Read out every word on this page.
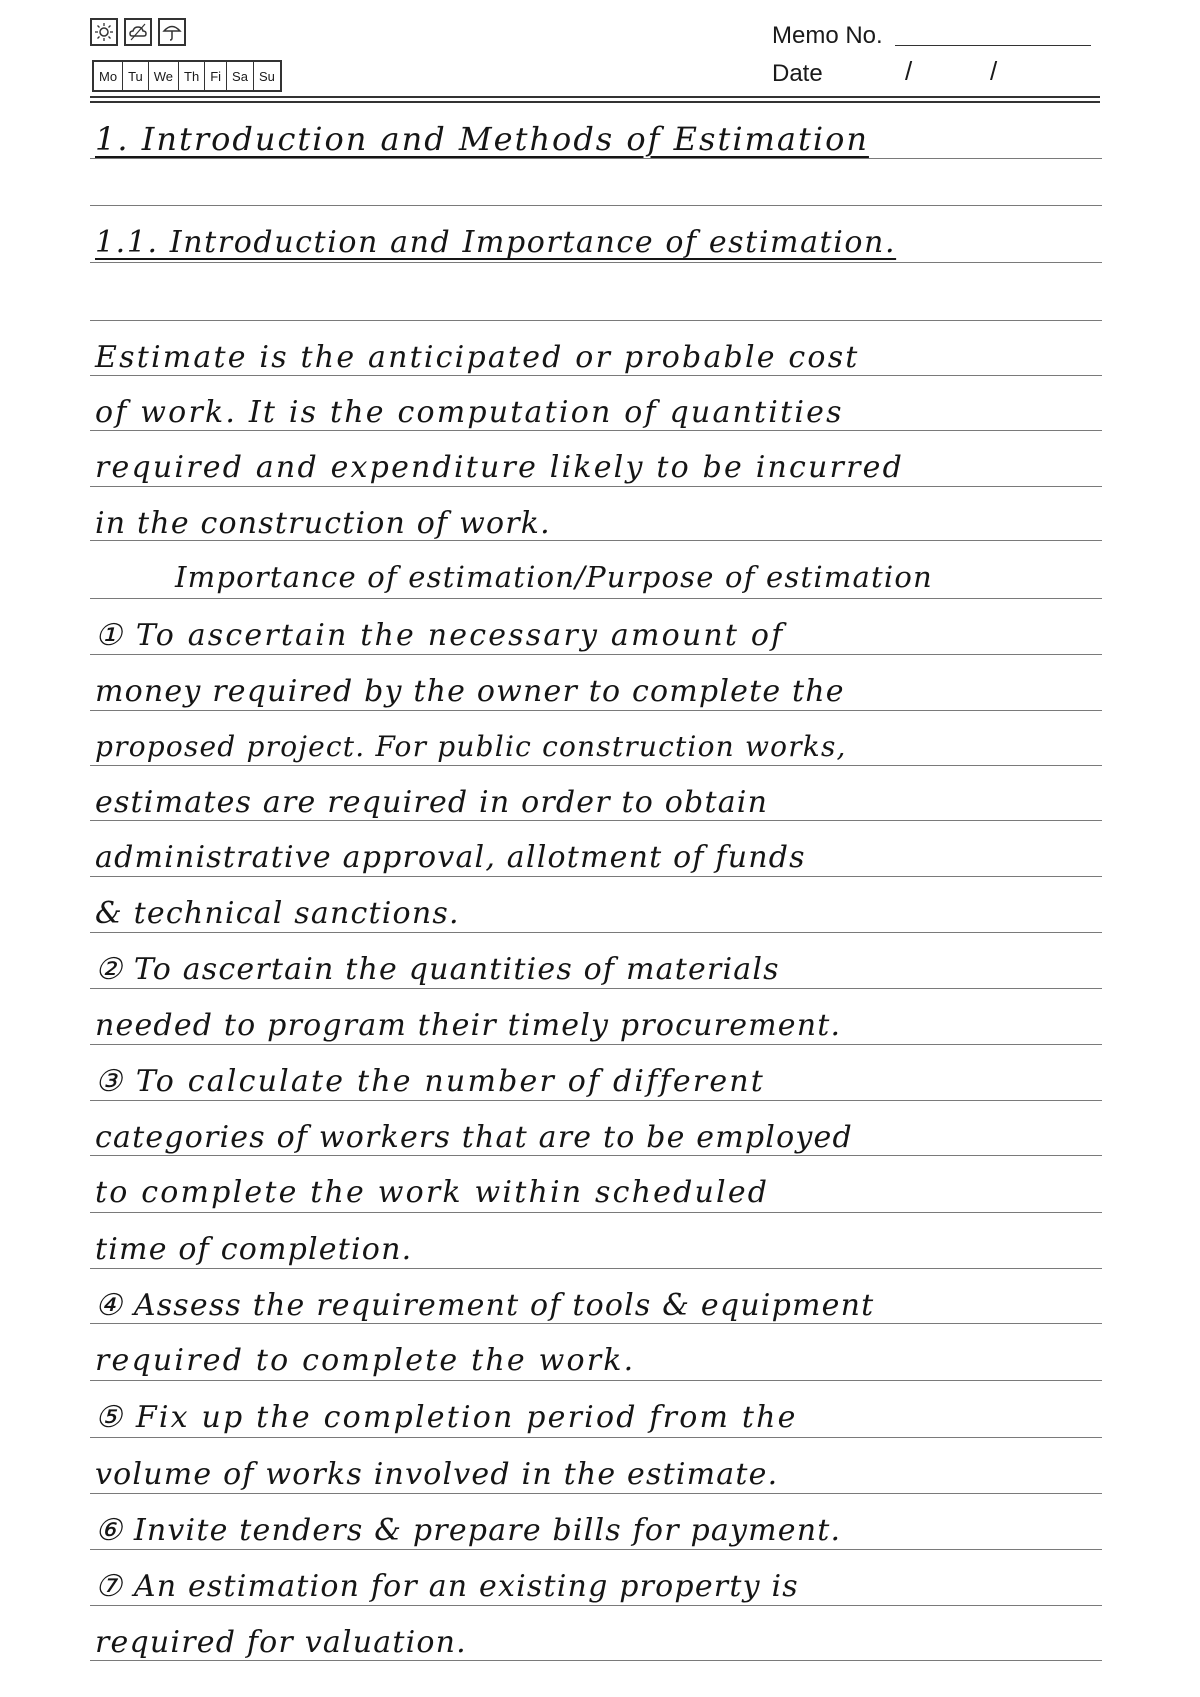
Mo Tu We Th Fi Sa Su
Memo No.
Date	/	/
1. Introduction and Methods of Estimation
1.1. Introduction and Importance of estimation.
Estimate is the anticipated or probable cost
of work. It is the computation of quantities
required and expenditure likely to be incurred
in the construction of work.
Importance of estimation/Purpose of estimation
① To ascertain the necessary amount of
money required by the owner to complete the
proposed project. For public construction works,
estimates are required in order to obtain
administrative approval, allotment of funds
& technical sanctions.
② To ascertain the quantities of materials
needed to program their timely procurement.
③ To calculate the number of different
categories of workers that are to be employed
to complete the work within scheduled
time of completion.
④ Assess the requirement of tools & equipment
required to complete the work.
⑤ Fix up the completion period from the
volume of works involved in the estimate.
⑥ Invite tenders & prepare bills for payment.
⑦ An estimation for an existing property is
required for valuation.
